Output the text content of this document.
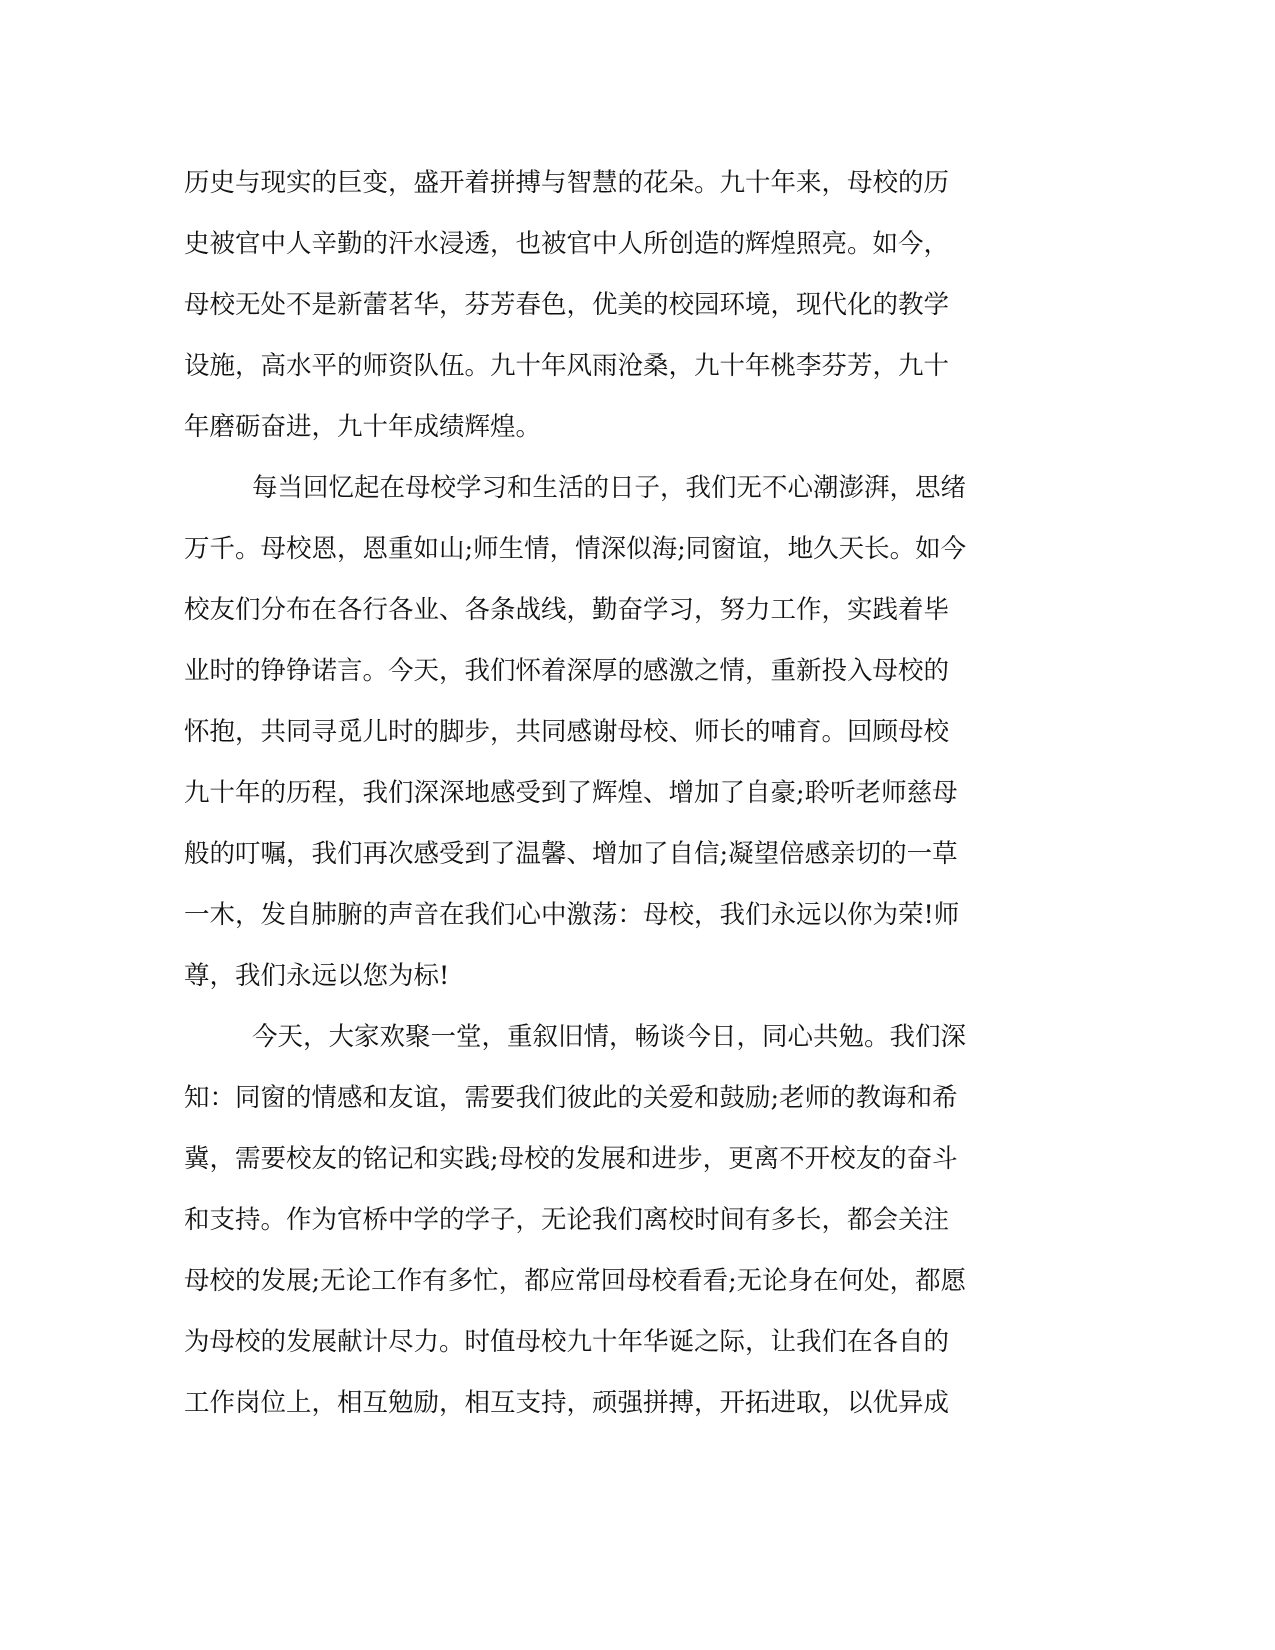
历史与现实的巨变，盛开着拼搏与智慧的花朵。九十年来，母校的历
史被官中人辛勤的汗水浸透，也被官中人所创造的辉煌照亮。如今，
母校无处不是新蕾茗华，芬芳春色，优美的校园环境，现代化的教学
设施，高水平的师资队伍。九十年风雨沧桑，九十年桃李芬芳，九十
年磨砺奋进，九十年成绩辉煌。
每当回忆起在母校学习和生活的日子，我们无不心潮澎湃，思绪
万千。母校恩，恩重如山;师生情，情深似海;同窗谊，地久天长。如今
校友们分布在各行各业、各条战线，勤奋学习，努力工作，实践着毕
业时的铮铮诺言。今天，我们怀着深厚的感激之情，重新投入母校的
怀抱，共同寻觅儿时的脚步，共同感谢母校、师长的哺育。回顾母校
九十年的历程，我们深深地感受到了辉煌、增加了自豪;聆听老师慈母
般的叮嘱，我们再次感受到了温馨、增加了自信;凝望倍感亲切的一草
一木，发自肺腑的声音在我们心中激荡：母校，我们永远以你为荣!师
尊，我们永远以您为标!
今天，大家欢聚一堂，重叙旧情，畅谈今日，同心共勉。我们深
知：同窗的情感和友谊，需要我们彼此的关爱和鼓励;老师的教诲和希
冀，需要校友的铭记和实践;母校的发展和进步，更离不开校友的奋斗
和支持。作为官桥中学的学子，无论我们离校时间有多长，都会关注
母校的发展;无论工作有多忙，都应常回母校看看;无论身在何处，都愿
为母校的发展献计尽力。时值母校九十年华诞之际，让我们在各自的
工作岗位上，相互勉励，相互支持，顽强拼搏，开拓进取，以优异成
